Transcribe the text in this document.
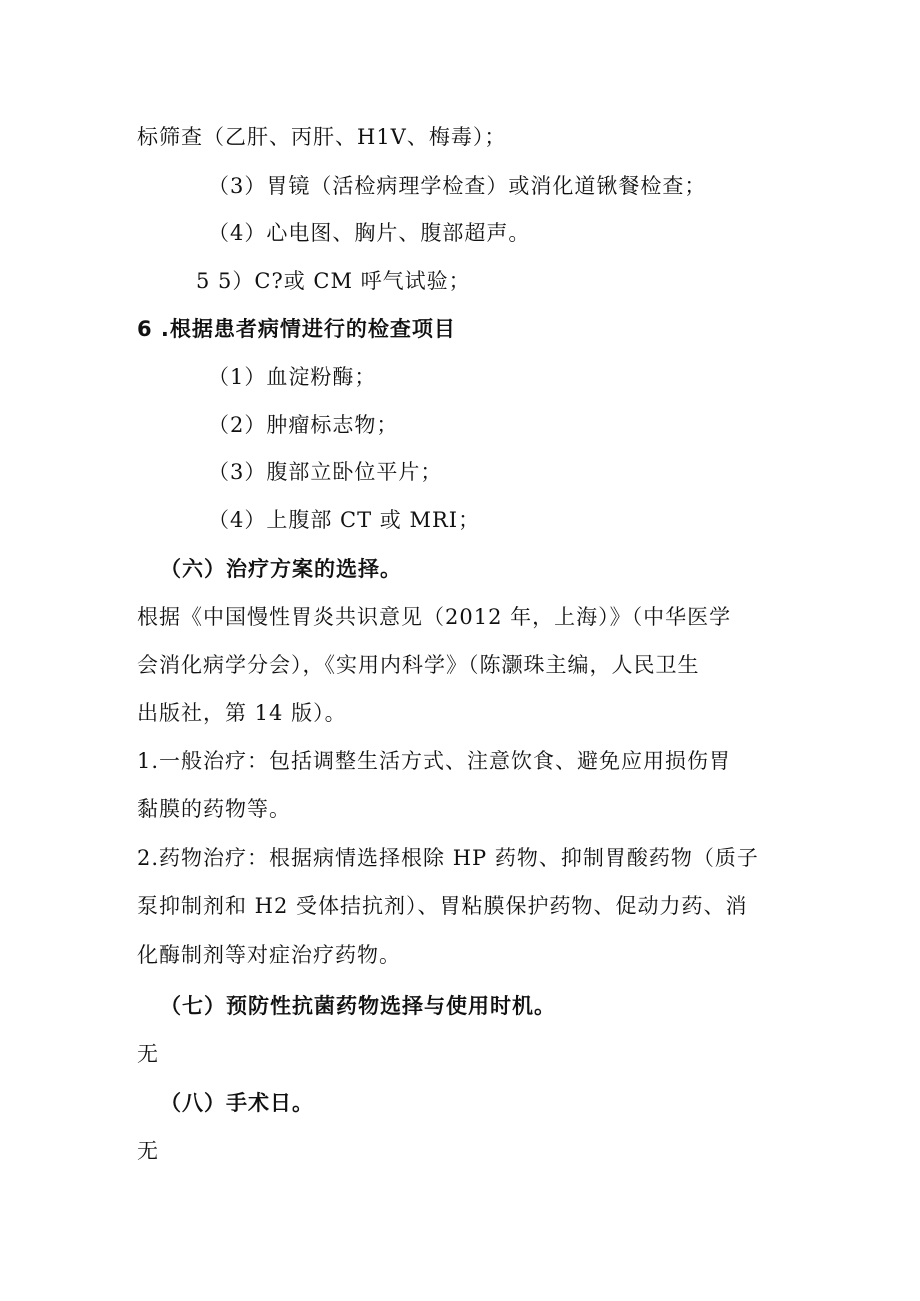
标筛查（乙肝、丙肝、H1V、梅毒）；
（3）胃镜（活检病理学检查）或消化道锹餐检查；
（4）心电图、胸片、腹部超声。
5 5）C?或 CM 呼气试验；
6 .根据患者病情进行的检查项目
（1）血淀粉酶；
（2）肿瘤标志物；
（3）腹部立卧位平片；
（4）上腹部 CT 或 MRI；
（六）治疗方案的选择。
根据《中国慢性胃炎共识意见（2012 年，上海）》（中华医学
会消化病学分会），《实用内科学》（陈灏珠主编，人民卫生
出版社，第 14 版）。
1.一般治疗：包括调整生活方式、注意饮食、避免应用损伤胃
黏膜的药物等。
2.药物治疗：根据病情选择根除 HP 药物、抑制胃酸药物（质子
泵抑制剂和 H2 受体拮抗剂）、胃粘膜保护药物、促动力药、消
化酶制剂等对症治疗药物。
（七）预防性抗菌药物选择与使用时机。
无
（八）手术日。
无
